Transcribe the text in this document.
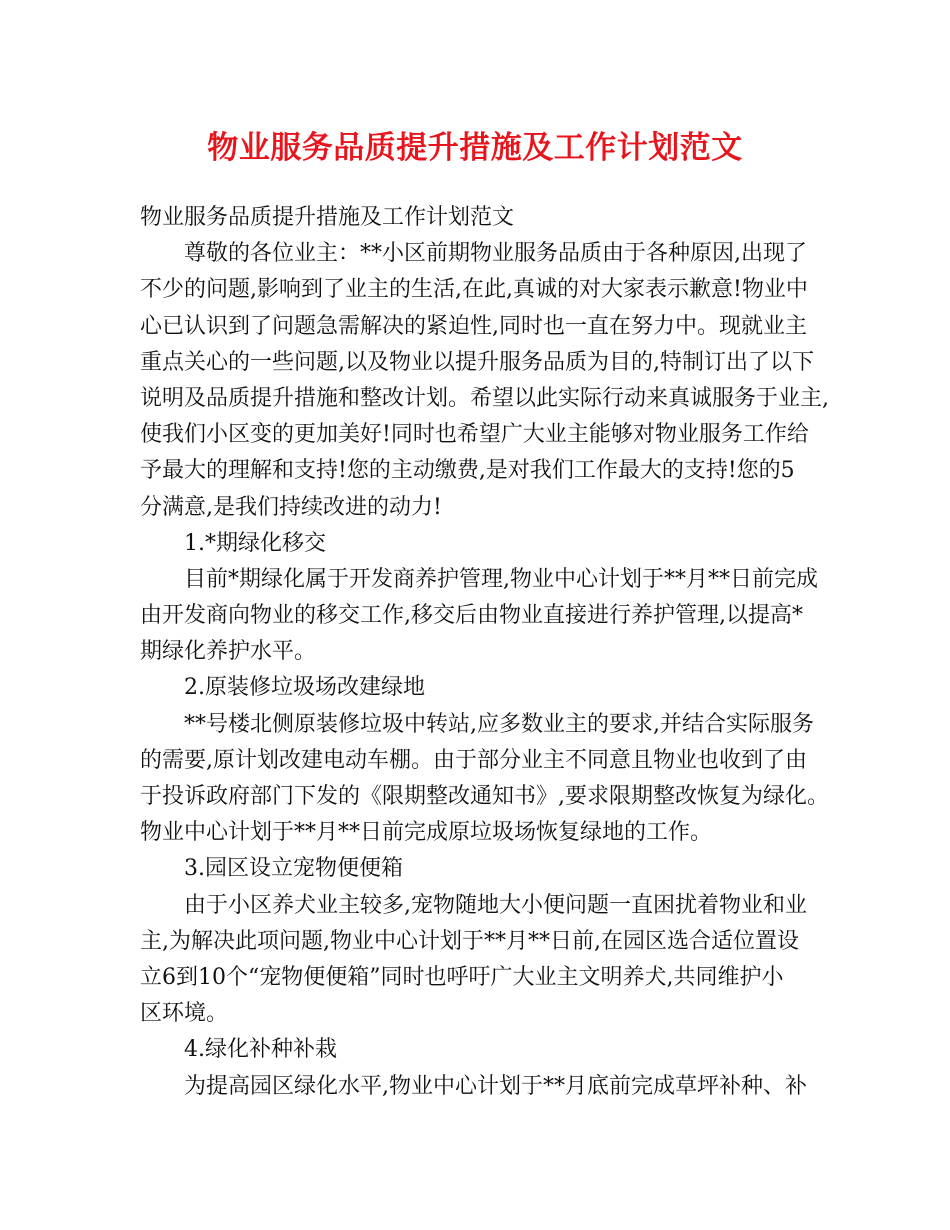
物业服务品质提升措施及工作计划范文
物业服务品质提升措施及工作计划范文
尊敬的各位业主：**小区前期物业服务品质由于各种原因,出现了
不少的问题,影响到了业主的生活,在此,真诚的对大家表示歉意!物业中
心已认识到了问题急需解决的紧迫性,同时也一直在努力中。现就业主
重点关心的一些问题,以及物业以提升服务品质为目的,特制订出了以下
说明及品质提升措施和整改计划。希望以此实际行动来真诚服务于业主,
使我们小区变的更加美好!同时也希望广大业主能够对物业服务工作给
予最大的理解和支持!您的主动缴费,是对我们工作最大的支持!您的5
分满意,是我们持续改进的动力!
1.*期绿化移交
目前*期绿化属于开发商养护管理,物业中心计划于**月**日前完成
由开发商向物业的移交工作,移交后由物业直接进行养护管理,以提高*
期绿化养护水平。
2.原装修垃圾场改建绿地
**号楼北侧原装修垃圾中转站,应多数业主的要求,并结合实际服务
的需要,原计划改建电动车棚。由于部分业主不同意且物业也收到了由
于投诉政府部门下发的《限期整改通知书》,要求限期整改恢复为绿化。
物业中心计划于**月**日前完成原垃圾场恢复绿地的工作。
3.园区设立宠物便便箱
由于小区养犬业主较多,宠物随地大小便问题一直困扰着物业和业
主,为解决此项问题,物业中心计划于**月**日前,在园区选合适位置设
立6到10个“宠物便便箱”同时也呼吁广大业主文明养犬,共同维护小
区环境。
4.绿化补种补栽
为提高园区绿化水平,物业中心计划于**月底前完成草坪补种、补
